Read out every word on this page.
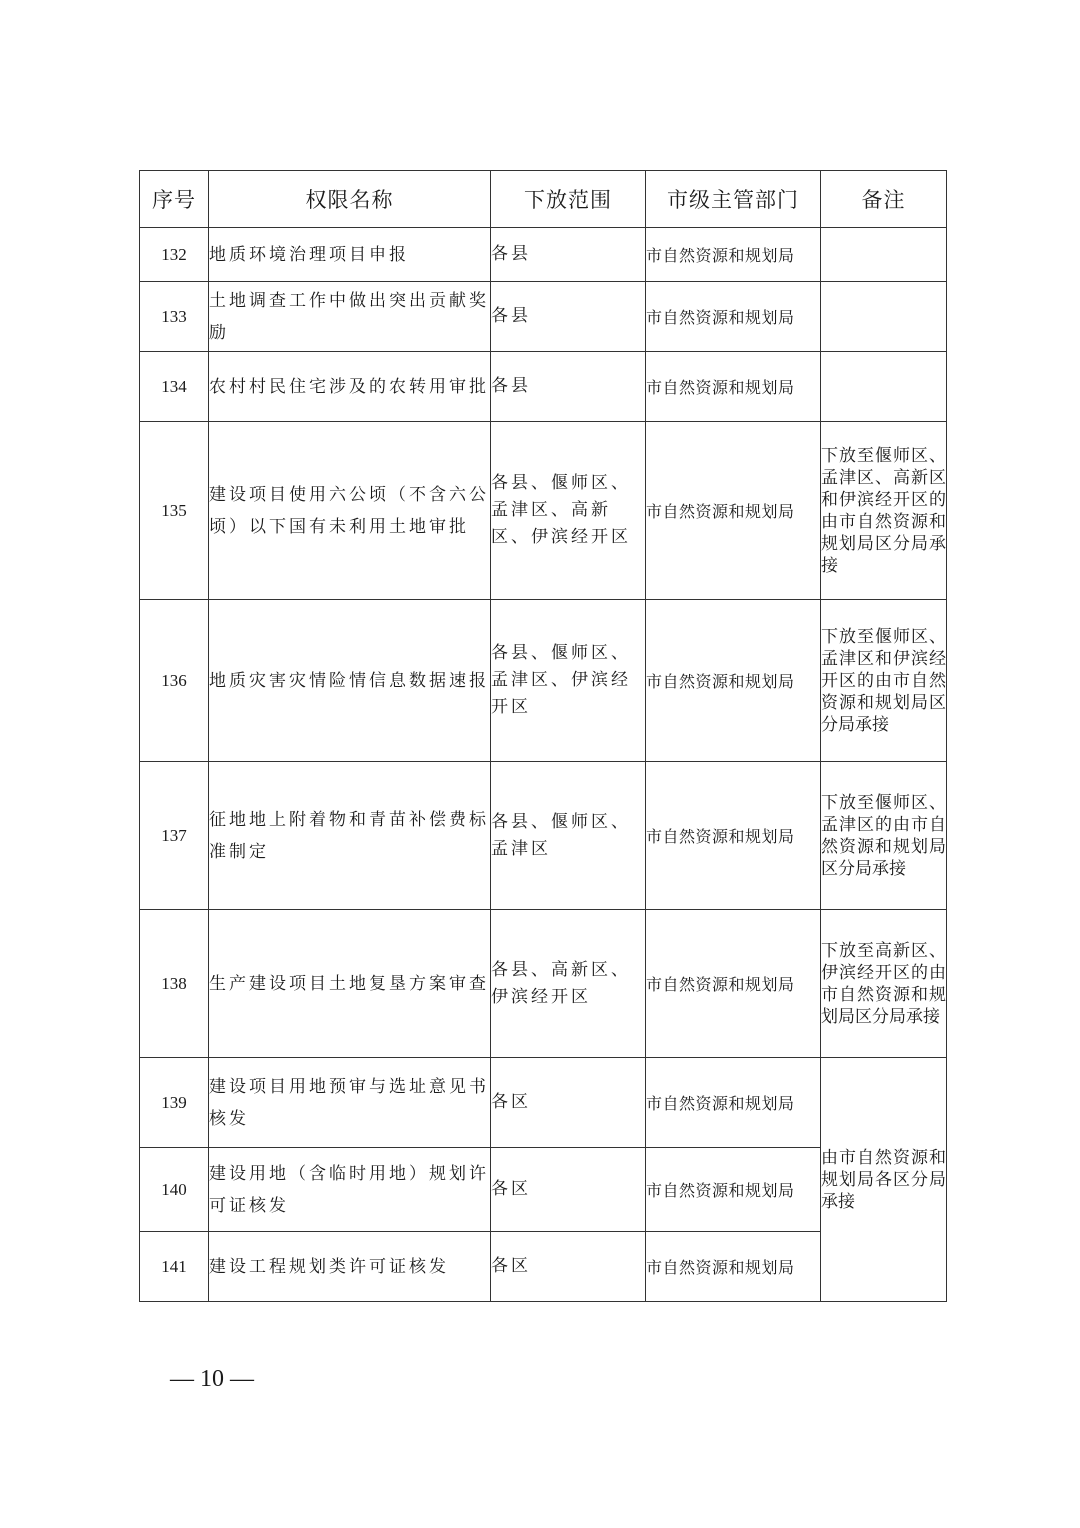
序号	权限名称	下放范围	市级主管部门	备注
132	地质环境治理项目申报	各县	市自然资源和规划局	
133	土地调查工作中做出突出贡献奖励	各县	市自然资源和规划局	
134	农村村民住宅涉及的农转用审批	各县	市自然资源和规划局	
135	建设项目使用六公顷（不含六公顷）以下国有未利用土地审批	各县、偃师区、孟津区、高新区、伊滨经开区	市自然资源和规划局	下放至偃师区、孟津区、高新区和伊滨经开区的由市自然资源和规划局区分局承接
136	地质灾害灾情险情信息数据速报	各县、偃师区、孟津区、伊滨经开区	市自然资源和规划局	下放至偃师区、孟津区和伊滨经开区的由市自然资源和规划局区分局承接
137	征地地上附着物和青苗补偿费标准制定	各县、偃师区、孟津区	市自然资源和规划局	下放至偃师区、孟津区的由市自然资源和规划局区分局承接
138	生产建设项目土地复垦方案审查	各县、高新区、伊滨经开区	市自然资源和规划局	下放至高新区、伊滨经开区的由市自然资源和规划局区分局承接
139	建设项目用地预审与选址意见书核发	各区	市自然资源和规划局	由市自然资源和规划局各区分局承接
140	建设用地（含临时用地）规划许可证核发	各区	市自然资源和规划局	
141	建设工程规划类许可证核发	各区	市自然资源和规划局	
— 10 —
